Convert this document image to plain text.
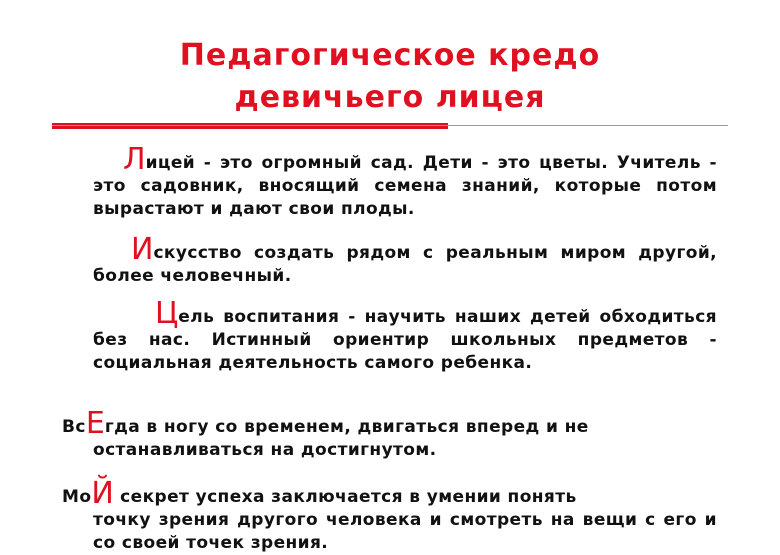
Педагогическое кредо
девичьего лицея

Лицей - это огромный сад. Дети - это цветы. Учитель - это садовник, вносящий семена знаний, которые потом вырастают и дают свои плоды.

Искусство создать рядом с реальным миром другой, более человечный.

Цель воспитания - научить наших детей обходиться без нас. Истинный ориентир школьных предметов - социальная деятельность самого ребенка.

ВсЕгда в ногу со временем, двигаться вперед и не
останавливаться на достигнутом.

МоЙ секрет успеха заключается в умении понять
точку зрения другого человека и смотреть на вещи с его и со своей точек зрения.
